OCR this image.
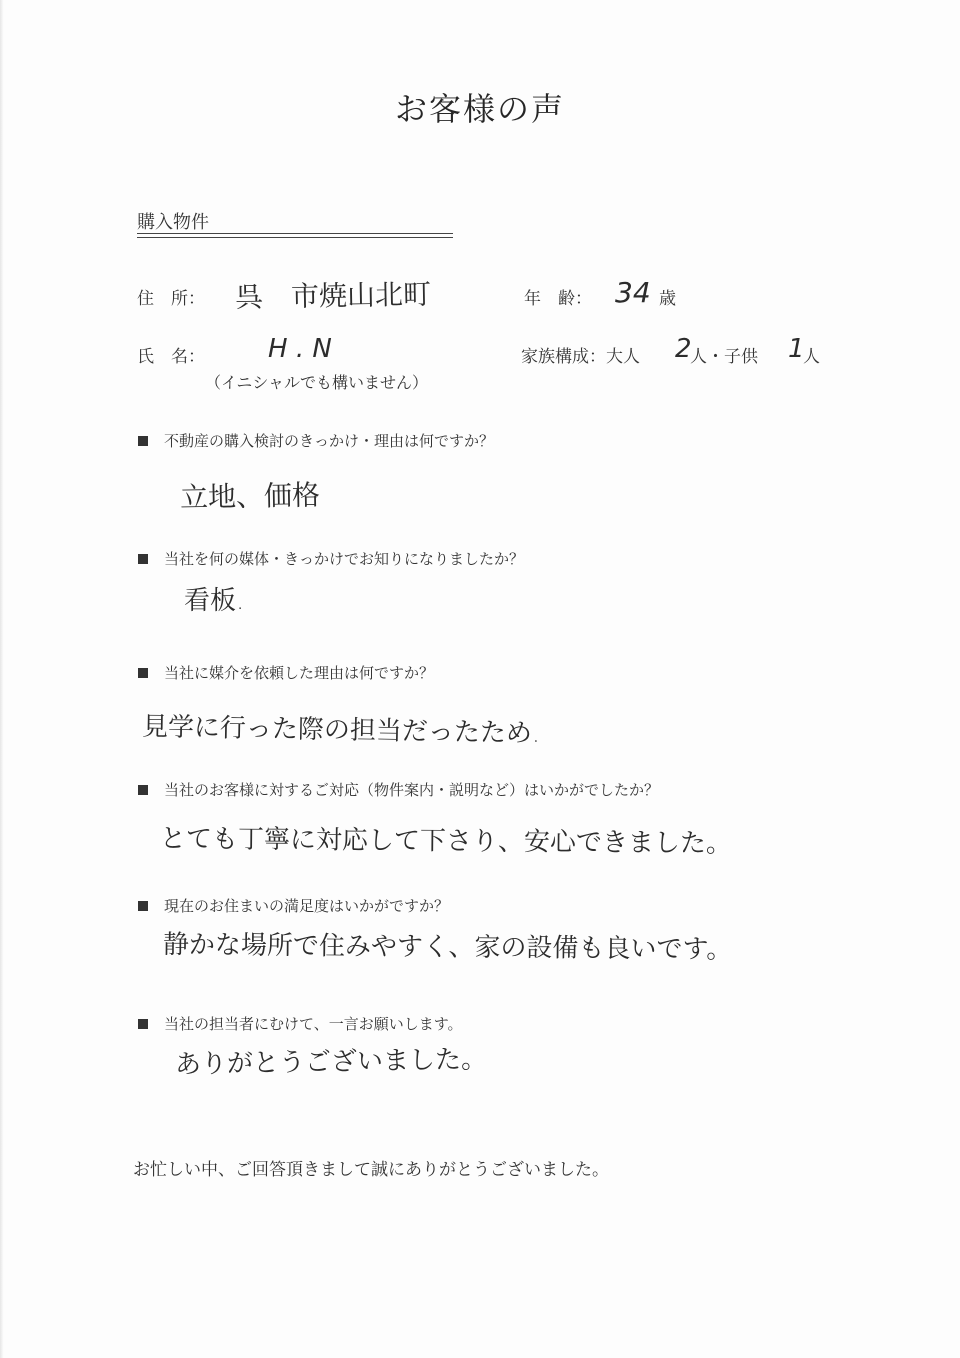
お客様の声
購入物件
住　所： 呉　市焼山北町	年　齢： 34 歳
氏　名： H . N
（イニシャルでも構いません）
家族構成：大人 2
人・子供 1
人
不動産の購入検討のきっかけ・理由は何ですか？
立地、価格
当社を何の媒体・きっかけでお知りになりましたか？
看板.
当社に媒介を依頼した理由は何ですか？
見学に行った際の担当だったため.
当社のお客様に対するご対応（物件案内・説明など）はいかがでしたか？
とても丁寧に対応して下さり、安心できました。
現在のお住まいの満足度はいかがですか？
静かな場所で住みやすく、家の設備も良いです。
当社の担当者にむけて、一言お願いします。
ありがとうございました。
お忙しい中、ご回答頂きまして誠にありがとうございました。
